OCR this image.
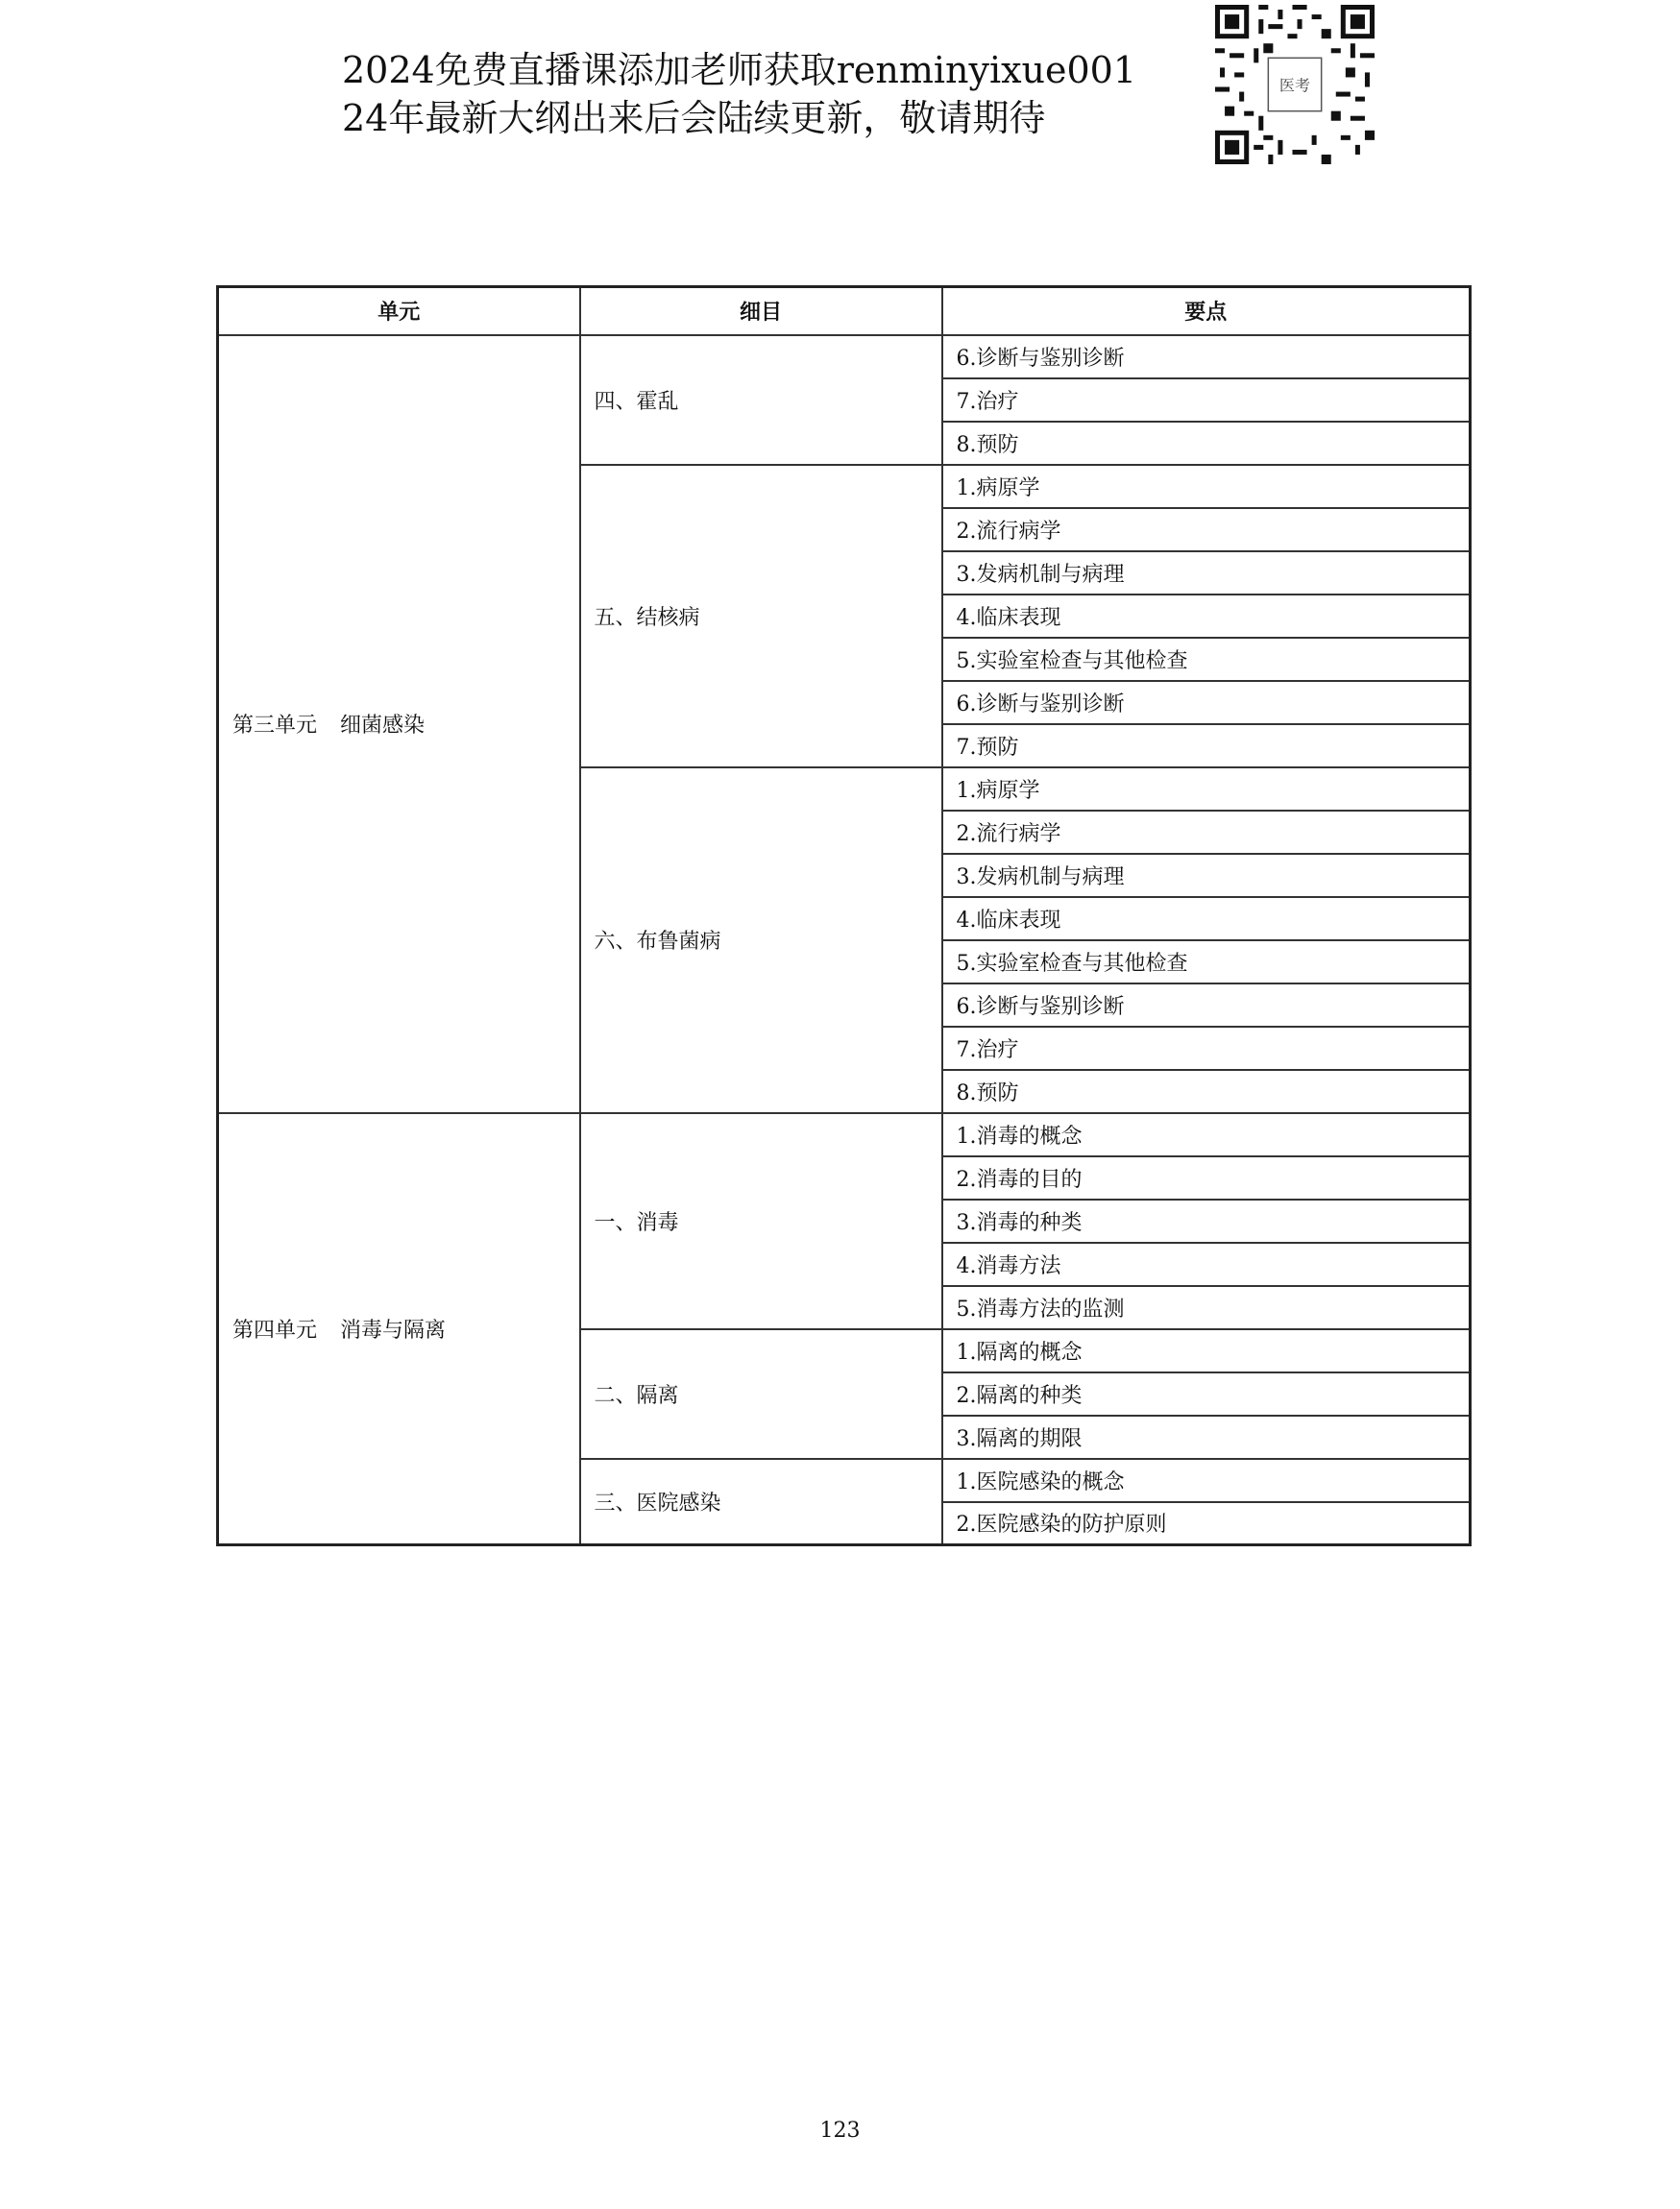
2024免费直播课添加老师获取renminyixue001
24年最新大纲出来后会陆续更新，敬请期待
医考
单元	细目	要点
第三单元 细菌感染	四、霍乱	6.诊断与鉴别诊断
		7.治疗
		8.预防
	五、结核病	1.病原学
		2.流行病学
		3.发病机制与病理
		4.临床表现
		5.实验室检查与其他检查
		6.诊断与鉴别诊断
		7.预防
	六、布鲁菌病	1.病原学
		2.流行病学
		3.发病机制与病理
		4.临床表现
		5.实验室检查与其他检查
		6.诊断与鉴别诊断
		7.治疗
		8.预防
第四单元 消毒与隔离	一、消毒	1.消毒的概念
		2.消毒的目的
		3.消毒的种类
		4.消毒方法
		5.消毒方法的监测
	二、隔离	1.隔离的概念
		2.隔离的种类
		3.隔离的期限
	三、医院感染	1.医院感染的概念
		2.医院感染的防护原则
123
